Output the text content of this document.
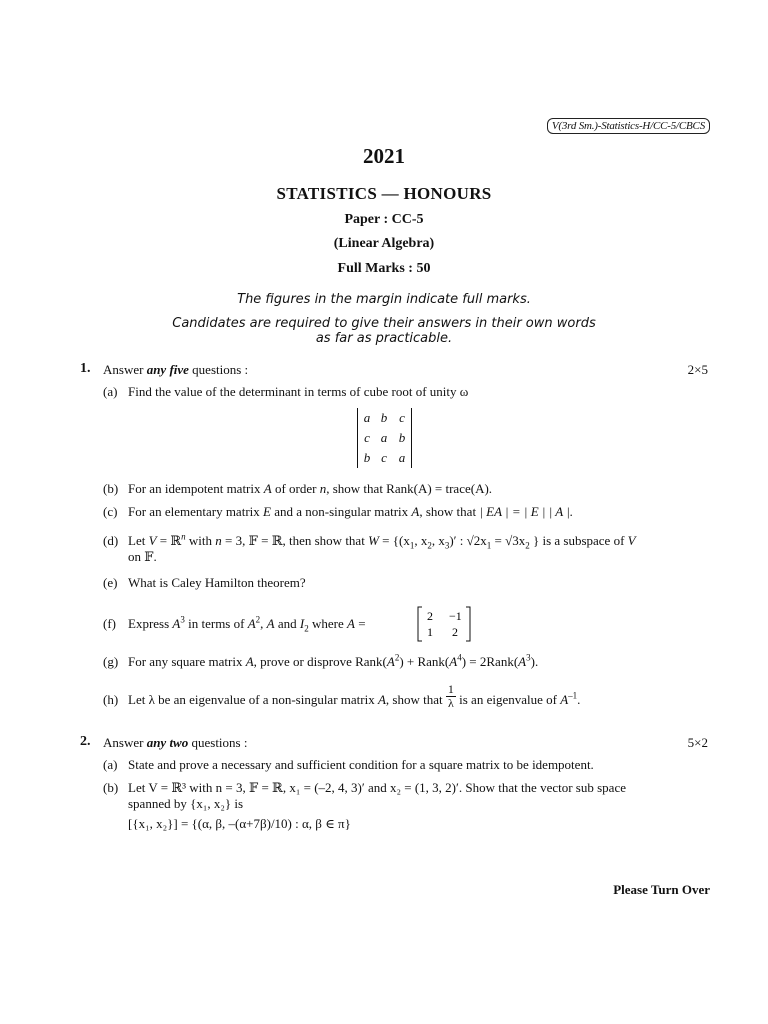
V(3rd Sm.)-Statistics-H/CC-5/CBCS
2021
STATISTICS — HONOURS
Paper : CC-5
(Linear Algebra)
Full Marks : 50
The figures in the margin indicate full marks.
Candidates are required to give their answers in their own words
as far as practicable.
1. Answer any five questions :	2×5
(a) Find the value of the determinant in terms of cube root of unity ω
a b c
c a b
b c a
(b) For an idempotent matrix A of order n, show that Rank(A) = trace(A).
(c) For an elementary matrix E and a non-singular matrix A, show that | EA | = | E | | A |.
(d) Let V = ℝ$^n$ with n = 3, 𝔽 = ℝ, then show that $W = \{(x_1$, $x_2$, $x_3)'$ : $√2x_1 = √3x_2$ } is a subspace of V
on 𝔽.
(e) What is Caley Hamilton theorem?
(f) Express $A^3$ in terms of $A^2$, A and $I_2$ where A =	2 −1
1 2
(g) For any square matrix A, prove or disprove $Rank(A^2)$ + $Rank(A^4)$ = $2Rank(A^3)$.
(h) Let λ be an eigenvalue of a non-singular matrix A, show that $\frac{1}{\lambda}$ is an eigenvalue of $A^{-1}$.
2. Answer any two questions :	5×2
(a) State and prove a necessary and sufficient condition for a square matrix to be idempotent.
(b) Let V = ℝ³ with n = 3, 𝔽 = ℝ, x₁ = (–2, 4, 3)′ and x₂ = (1, 3, 2)′. Show that the vector sub space
spanned by {x₁, x₂} is
[{x₁, x₂}] = {(α, β, –(α+7β)/10) : α, β ∈ π}
Please Turn Over
